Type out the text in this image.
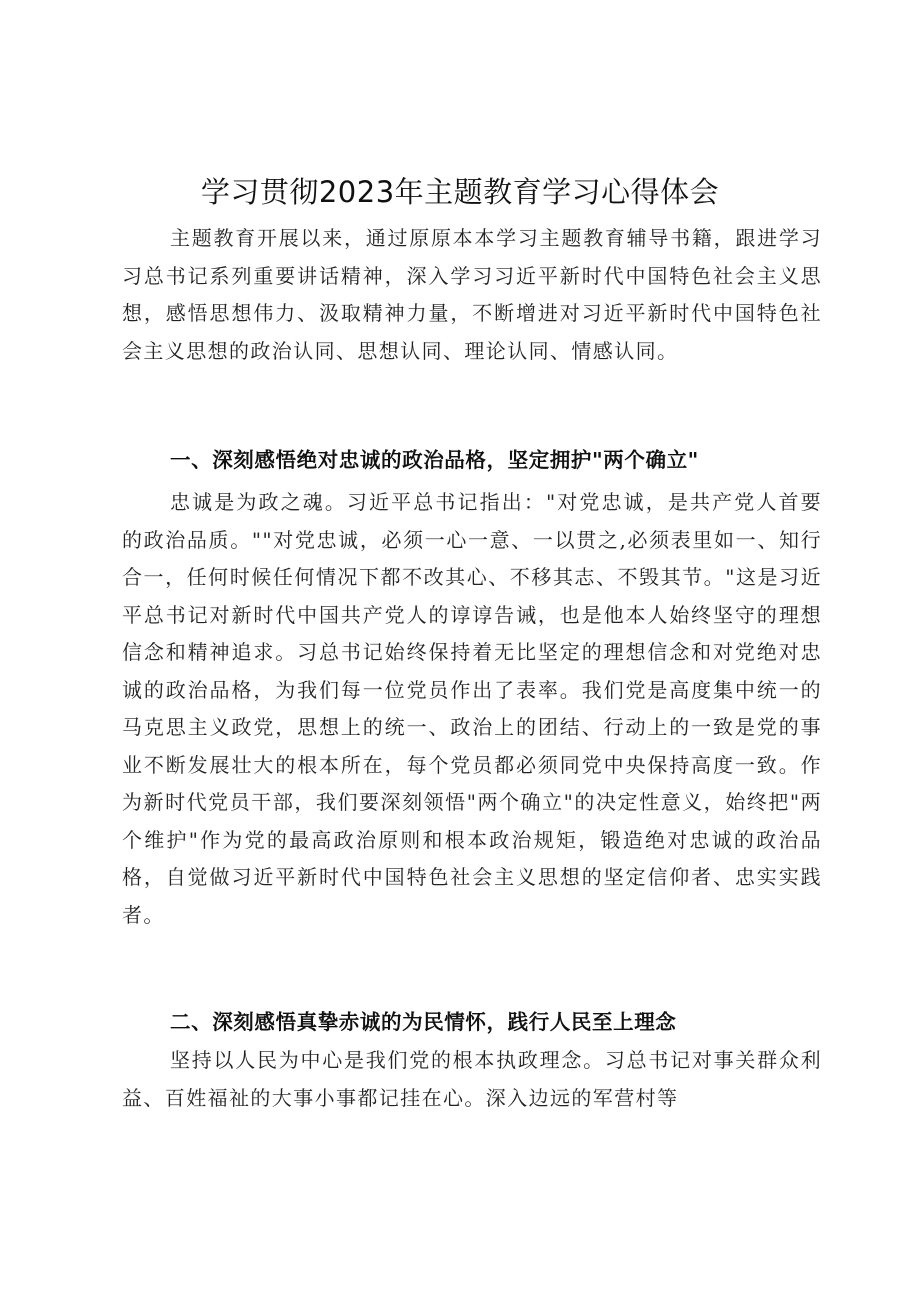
学习贯彻2023年主题教育学习心得体会

主题教育开展以来，通过原原本本学习主题教育辅导书籍，跟进学习习总书记系列重要讲话精神，深入学习习近平新时代中国特色社会主义思想，感悟思想伟力、汲取精神力量，不断增进对习近平新时代中国特色社会主义思想的政治认同、思想认同、理论认同、情感认同。

一、深刻感悟绝对忠诚的政治品格，坚定拥护"两个确立"

忠诚是为政之魂。习近平总书记指出："对党忠诚，是共产党人首要的政治品质。""对党忠诚，必须一心一意、一以贯之,必须表里如一、知行合一，任何时候任何情况下都不改其心、不移其志、不毁其节。"这是习近平总书记对新时代中国共产党人的谆谆告诫，也是他本人始终坚守的理想信念和精神追求。习总书记始终保持着无比坚定的理想信念和对党绝对忠诚的政治品格，为我们每一位党员作出了表率。我们党是高度集中统一的马克思主义政党，思想上的统一、政治上的团结、行动上的一致是党的事业不断发展壮大的根本所在，每个党员都必须同党中央保持高度一致。作为新时代党员干部，我们要深刻领悟"两个确立"的决定性意义，始终把"两个维护"作为党的最高政治原则和根本政治规矩，锻造绝对忠诚的政治品格，自觉做习近平新时代中国特色社会主义思想的坚定信仰者、忠实实践者。

二、深刻感悟真挚赤诚的为民情怀，践行人民至上理念

坚持以人民为中心是我们党的根本执政理念。习总书记对事关群众利益、百姓福祉的大事小事都记挂在心。深入边远的军营村等
